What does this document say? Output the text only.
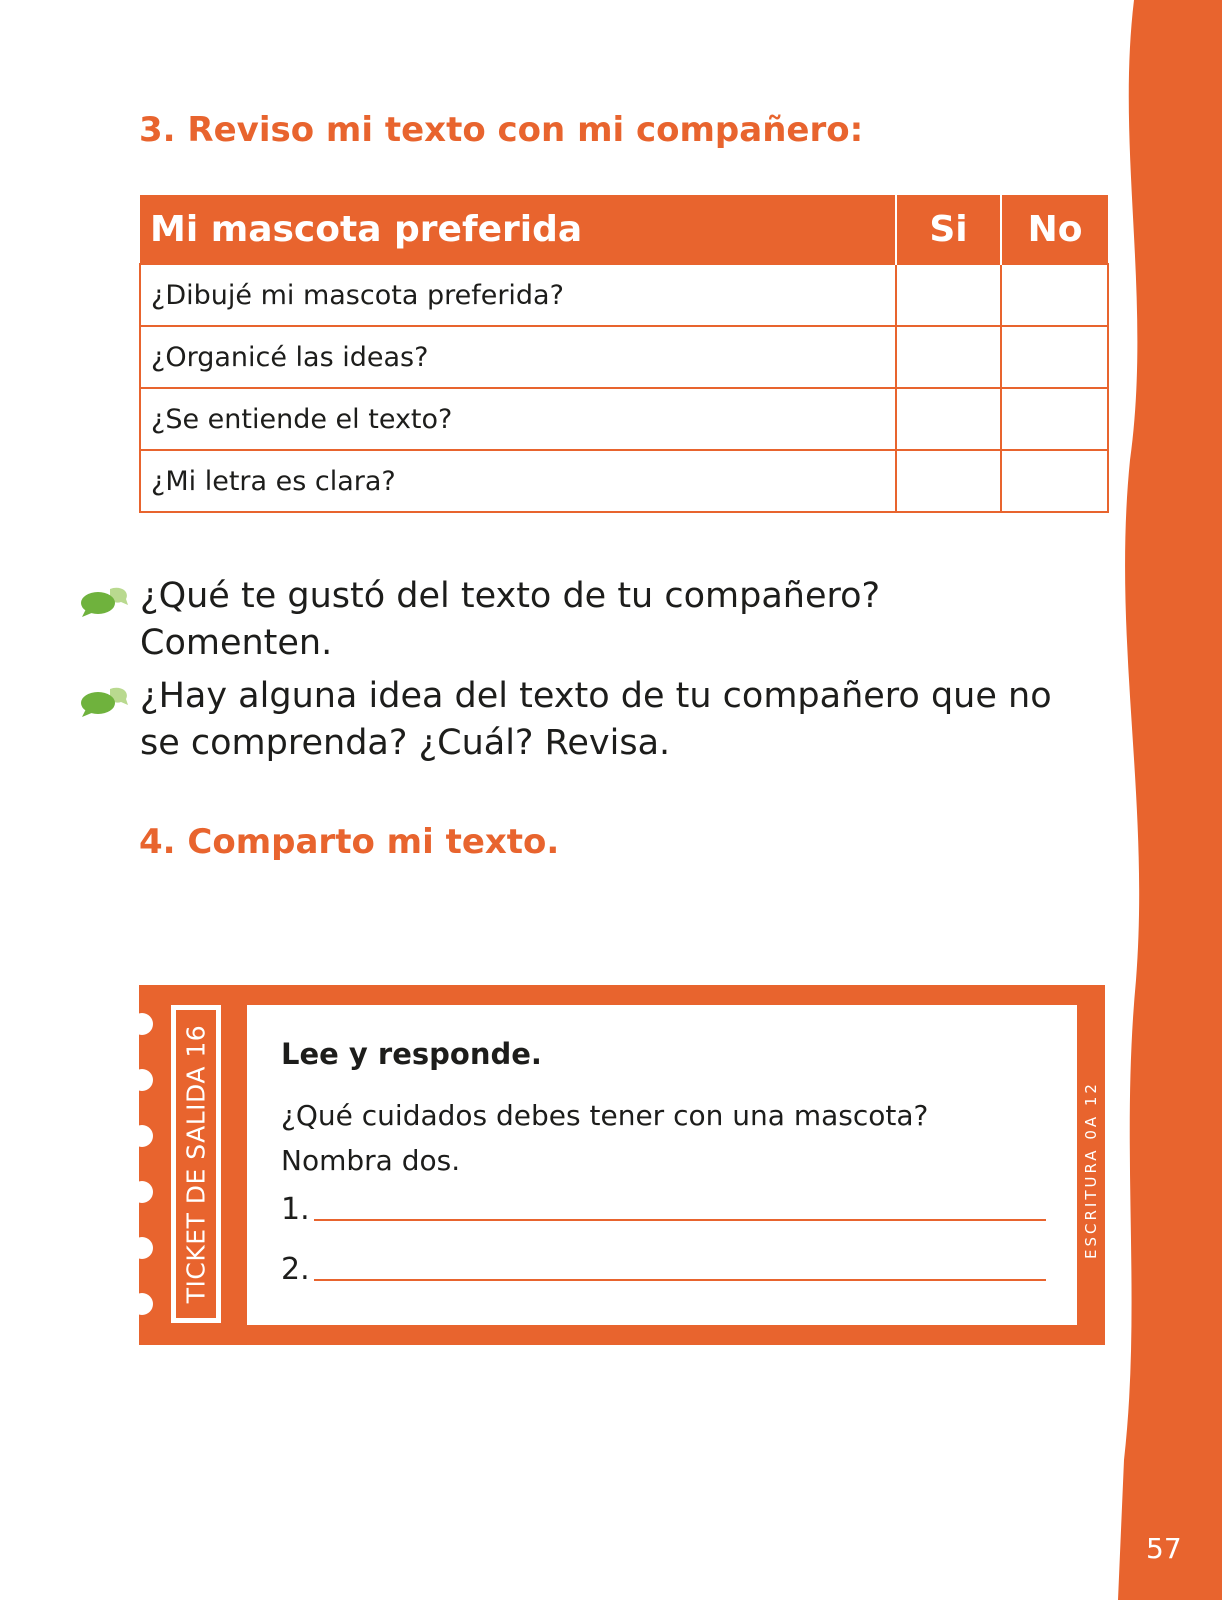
57
3. Reviso mi texto con mi compañero:
Mi mascota preferida	Si	No
¿Dibujé mi mascota preferida?		
¿Organicé las ideas?		
¿Se entiende el texto?		
¿Mi letra es clara?		
¿Qué te gustó del texto de tu compañero? Comenten.
¿Hay alguna idea del texto de tu compañero que no se comprenda? ¿Cuál? Revisa.
4. Comparto mi texto.
TICKET DE SALIDA 16 Lee y responde.
¿Qué cuidados debes tener con una mascota? Nombra dos.
1.
2.
ESCRITURA 0A 12
